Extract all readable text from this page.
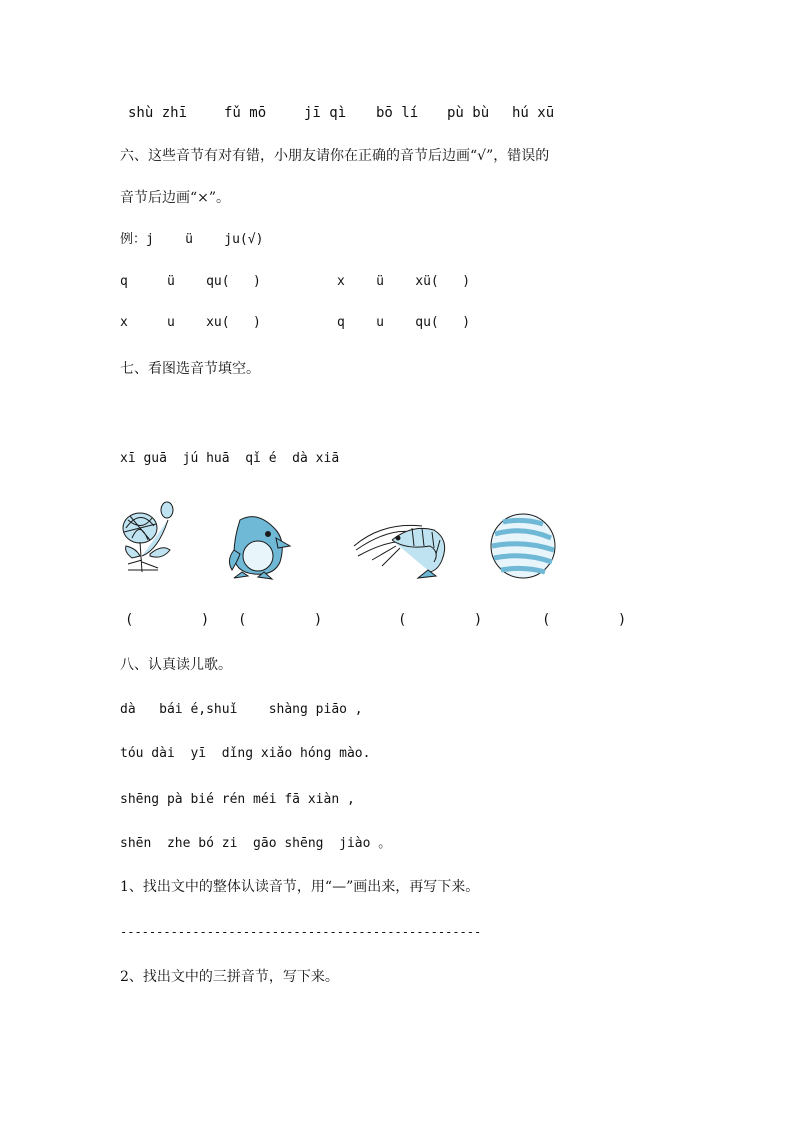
shù zhī	fǔ mō	jī qì bō lí pù bù hú xū
六、这些音节有对有错，小朋友请你在正确的音节后边画“√”，错误的
音节后边画“×”。
例：j    ü    ju(√)
q     ü    qu(   )	x    ü    xü(   )
x     u    xu(   )	q    u    qu(   )
七、看图选音节填空。
xī guā  jú huā  qǐ é  dà xiā
(        ) (        )	(        )	(        )
八、认真读儿歌。
dà   bái é,shuǐ    shàng piāo ,
tóu dài  yī  dǐng xiǎo hóng mào.
shēng pà bié rén méi fā xiàn ,
shēn  zhe bó zi  gāo shēng  jiào 。
1、找出文中的整体认读音节，用“—”画出来，再写下来。
--------------------------------------------------
2、找出文中的三拼音节，写下来。
